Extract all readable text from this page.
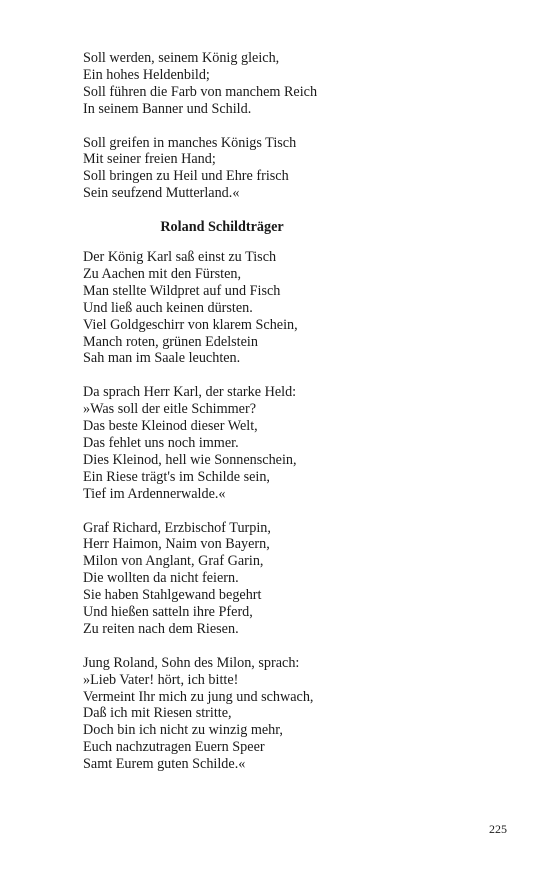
Soll werden, seinem König gleich,
Ein hohes Heldenbild;
Soll führen die Farb von manchem Reich
In seinem Banner und Schild.
Soll greifen in manches Königs Tisch
Mit seiner freien Hand;
Soll bringen zu Heil und Ehre frisch
Sein seufzend Mutterland.«
Roland Schildträger
Der König Karl saß einst zu Tisch
Zu Aachen mit den Fürsten,
Man stellte Wildpret auf und Fisch
Und ließ auch keinen dürsten.
Viel Goldgeschirr von klarem Schein,
Manch roten, grünen Edelstein
Sah man im Saale leuchten.
Da sprach Herr Karl, der starke Held:
»Was soll der eitle Schimmer?
Das beste Kleinod dieser Welt,
Das fehlet uns noch immer.
Dies Kleinod, hell wie Sonnenschein,
Ein Riese trägt's im Schilde sein,
Tief im Ardennerwalde.«
Graf Richard, Erzbischof Turpin,
Herr Haimon, Naim von Bayern,
Milon von Anglant, Graf Garin,
Die wollten da nicht feiern.
Sie haben Stahlgewand begehrt
Und hießen satteln ihre Pferd,
Zu reiten nach dem Riesen.
Jung Roland, Sohn des Milon, sprach:
»Lieb Vater! hört, ich bitte!
Vermeint Ihr mich zu jung und schwach,
Daß ich mit Riesen stritte,
Doch bin ich nicht zu winzig mehr,
Euch nachzutragen Euern Speer
Samt Eurem guten Schilde.«
225
